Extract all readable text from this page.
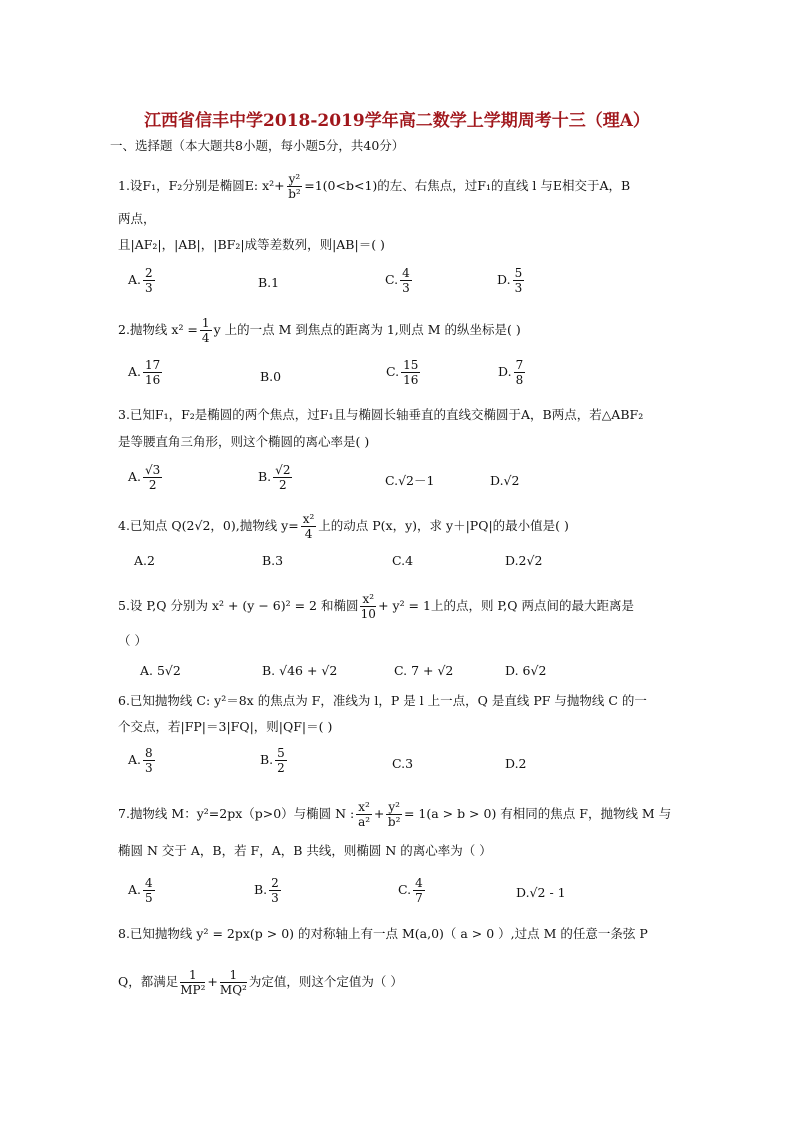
江西省信丰中学2018-2019学年高二数学上学期周考十三（理A）
一、选择题（本大题共8小题，每小题5分，共40分）
1.设F₁，F₂分别是椭圆E: $x^2+ \frac{\text{y²}}{\text{b²}} =1(0<b<1)$的左、右焦点，过F₁的直线 l 与E相交于A，B
两点，
且|AF₂|，|AB|，|BF₂|成等差数列，则|AB|＝( )
A. $\frac{2}{3}$	B.1	C. $\frac{4}{3}$	D. $\frac{5}{3}$
2.抛物线 $x^2 = \frac{1}{4}$ y 上的一点 M 到焦点的距离为 1,则点 M 的纵坐标是( )
A. $\frac{17}{16}$	B.0	C. $\frac{15}{16}$	D. $\frac{7}{8}$
3.已知F₁，F₂是椭圆的两个焦点，过F₁且与椭圆长轴垂直的直线交椭圆于A，B两点，若△ABF₂
是等腰直角三角形，则这个椭圆的离心率是( )
A. $\frac{√3}{2}$	B. $\frac{√2}{2}$	C.√2－1	D.√2
4.已知点 Q(2√2，0),抛物线 $y= \frac{\text{x²}}{4}$ 上的动点 P(x，y)，求 y＋|PQ|的最小值是( )
A.2	B.3	C.4	D.2√2
5.设 P,Q 分别为 x² + (y − 6)² = 2 和椭圆 $\frac{\text{x²}}{10} + y^2 = 1$上的点，则 P,Q 两点间的最大距离是
（ ）
A. 5√2	B. √46 + √2	C. 7 + √2	D. 6√2
6.已知抛物线 C: y²＝8x 的焦点为 F，准线为 l，P 是 l 上一点，Q 是直线 PF 与抛物线 C 的一
个交点，若|FP|＝3|FQ|，则|QF|＝( )
A. $\frac{8}{3}$	B. $\frac{5}{2}$	C.3	D.2
7.抛物线 M：y²=2px（p>0）与椭圆 N : $\frac{\text{x²}}{\text{a²}} + \frac{\text{y²}}{\text{b²}} = 1(a > b > 0)$ 有相同的焦点 F，抛物线 M 与
椭圆 N 交于 A，B，若 F，A，B 共线，则椭圆 N 的离心率为（ ）
A. $\frac{4}{5}$	B. $\frac{2}{3}$	C. $\frac{4}{7}$	D.√2 - 1
8.已知抛物线 y² = 2px(p > 0) 的对称轴上有一点 M(a,0)（ a > 0 ）,过点 M 的任意一条弦 P
Q，都满足 $\frac{1}{\text{MP²}} + \frac{1}{\text{MQ²}}$ 为定值，则这个定值为（ ）
